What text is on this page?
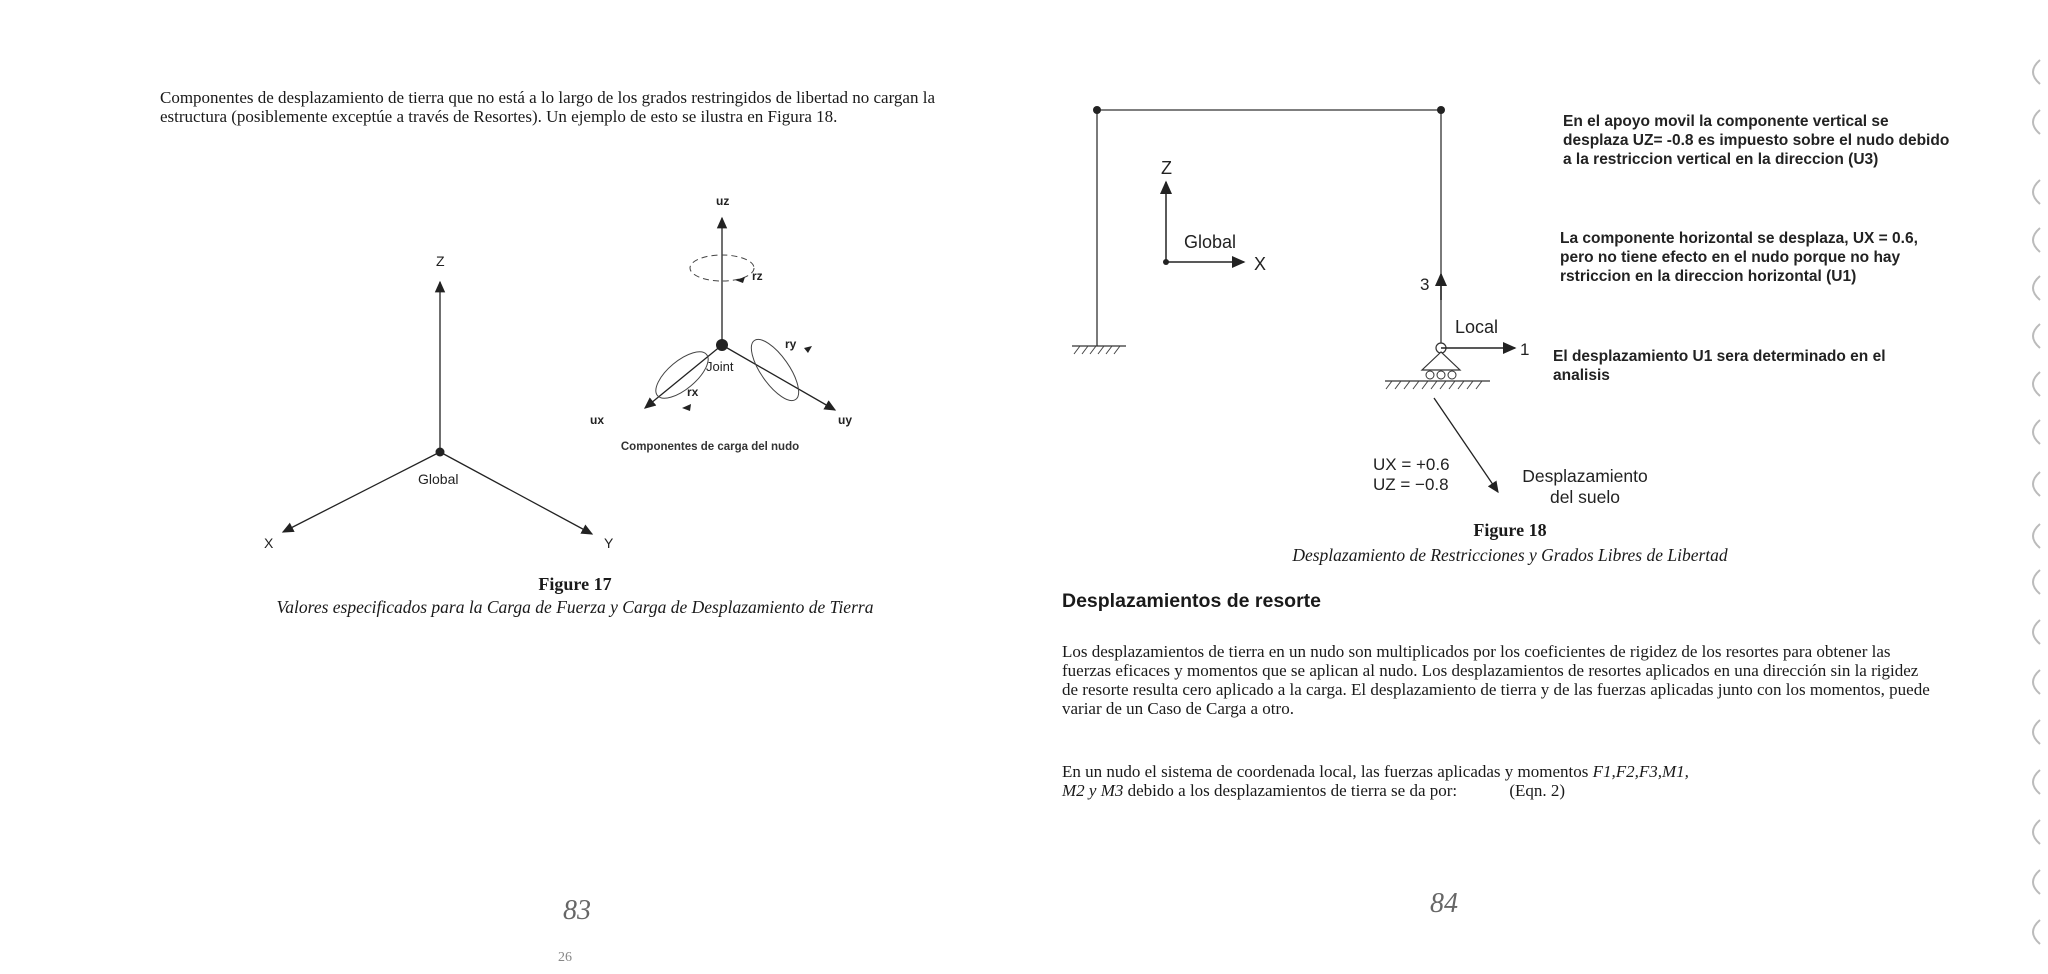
Componentes de desplazamiento de tierra que no está a lo largo de los grados restringidos de libertad no cargan la estructura (posiblemente exceptúe a través de Resortes). Un ejemplo de esto se ilustra en Figura 18.
Z
X	Y
Global
uz
rz
ry
rx
Joint
ux	uy
Componentes de carga del nudo
Figure 17
Valores especificados para la Carga de Fuerza y Carga de Desplazamiento de Tierra
83
26
Z
Global
X
3
Local
1
UX = +0.6
UZ = −0.8	Desplazamiento del suelo
En el apoyo movil la componente vertical se desplaza UZ= -0.8 es impuesto sobre el nudo debido a la restriccion vertical en la direccion (U3)
La componente horizontal se desplaza, UX = 0.6, pero no tiene efecto en el nudo porque no hay rstriccion en la direccion horizontal (U1)
El desplazamiento U1 sera determinado en el analisis
Figure 18
Desplazamiento de Restricciones y Grados Libres de Libertad
Desplazamientos de resorte
Los desplazamientos de tierra en un nudo son multiplicados por los coeficientes de rigidez de los resortes para obtener las fuerzas eficaces y momentos que se aplican al nudo. Los desplazamientos de resortes aplicados en una dirección sin la rigidez de resorte resulta cero aplicado a la carga. El desplazamiento de tierra y de las fuerzas aplicadas junto con los momentos, puede variar de un Caso de Carga a otro.
En un nudo el sistema de coordenada local, las fuerzas aplicadas y momentos F1,F2,F3,M1,
M2 y M3 debido a los desplazamientos de tierra se da por:	(Eqn. 2)
84
